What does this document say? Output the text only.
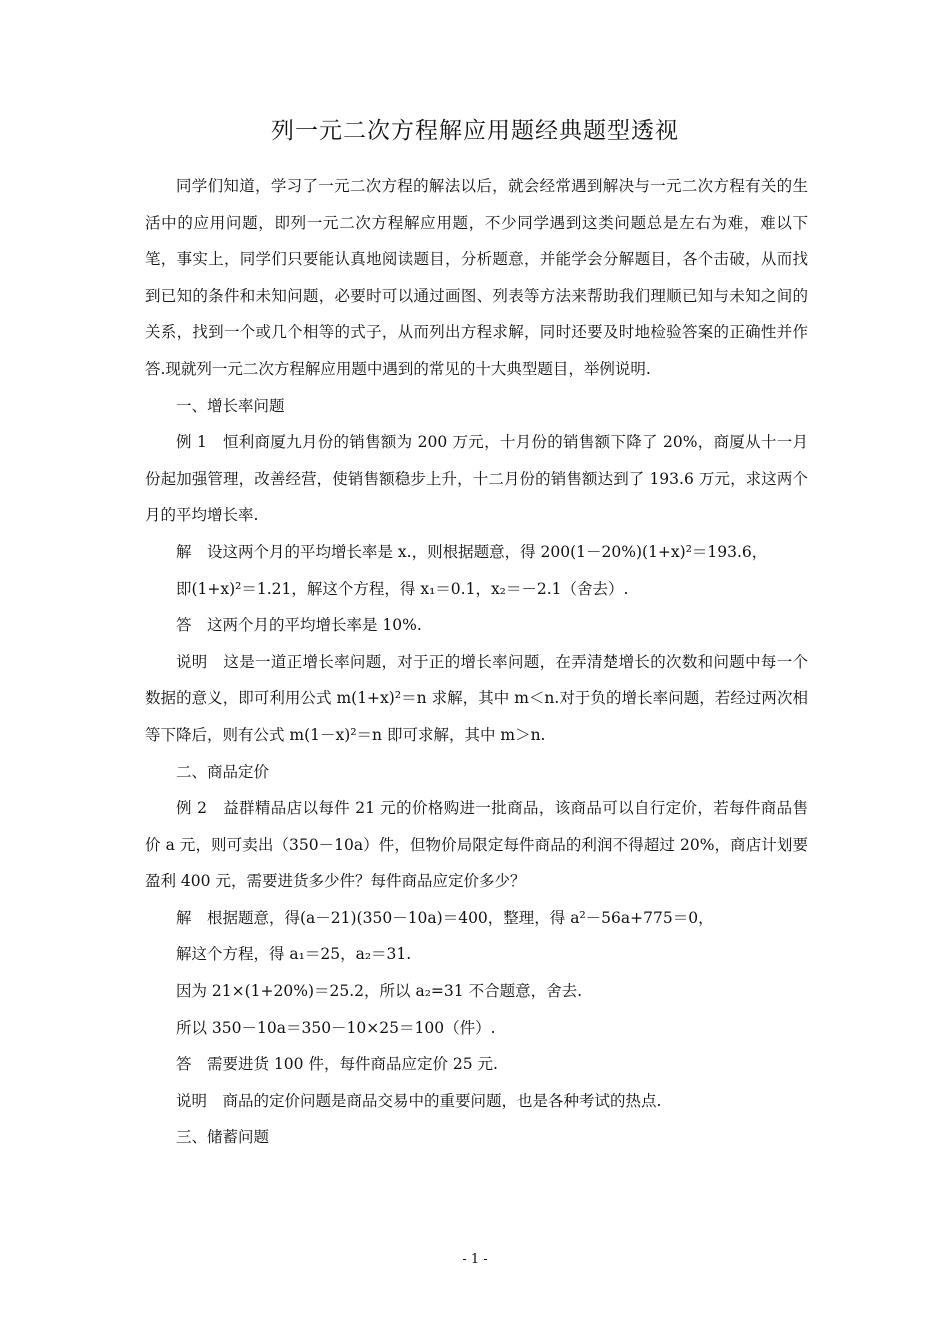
列一元二次方程解应用题经典题型透视

同学们知道，学习了一元二次方程的解法以后，就会经常遇到解决与一元二次方程有关的生活中的应用问题，即列一元二次方程解应用题，不少同学遇到这类问题总是左右为难，难以下笔，事实上，同学们只要能认真地阅读题目，分析题意，并能学会分解题目，各个击破，从而找到已知的条件和未知问题，必要时可以通过画图、列表等方法来帮助我们理顺已知与未知之间的关系，找到一个或几个相等的式子，从而列出方程求解，同时还要及时地检验答案的正确性并作答.现就列一元二次方程解应用题中遇到的常见的十大典型题目，举例说明.

一、增长率问题

例 1　恒利商厦九月份的销售额为 200 万元，十月份的销售额下降了 20%，商厦从十一月份起加强管理，改善经营，使销售额稳步上升，十二月份的销售额达到了 193.6 万元，求这两个月的平均增长率.

解　设这两个月的平均增长率是 x.，则根据题意，得 200(1－20%)(1+x)²＝193.6，

即(1+x)²＝1.21，解这个方程，得 x₁＝0.1，x₂＝－2.1（舍去）.

答　这两个月的平均增长率是 10%.

说明　这是一道正增长率问题，对于正的增长率问题，在弄清楚增长的次数和问题中每一个数据的意义，即可利用公式 m(1+x)²＝n 求解，其中 m＜n.对于负的增长率问题，若经过两次相等下降后，则有公式 m(1－x)²＝n 即可求解，其中 m＞n.

二、商品定价

例 2　益群精品店以每件 21 元的价格购进一批商品，该商品可以自行定价，若每件商品售价 a 元，则可卖出（350－10a）件，但物价局限定每件商品的利润不得超过 20%，商店计划要盈利 400 元，需要进货多少件？每件商品应定价多少？

解　根据题意，得(a－21)(350－10a)＝400，整理，得 a²－56a+775＝0，

解这个方程，得 a₁＝25，a₂＝31.

因为 21×(1+20%)＝25.2，所以 a₂=31 不合题意，舍去.

所以 350－10a＝350－10×25＝100（件）.

答　需要进货 100 件，每件商品应定价 25 元.

说明　商品的定价问题是商品交易中的重要问题，也是各种考试的热点.

三、储蓄问题

- 1 -
